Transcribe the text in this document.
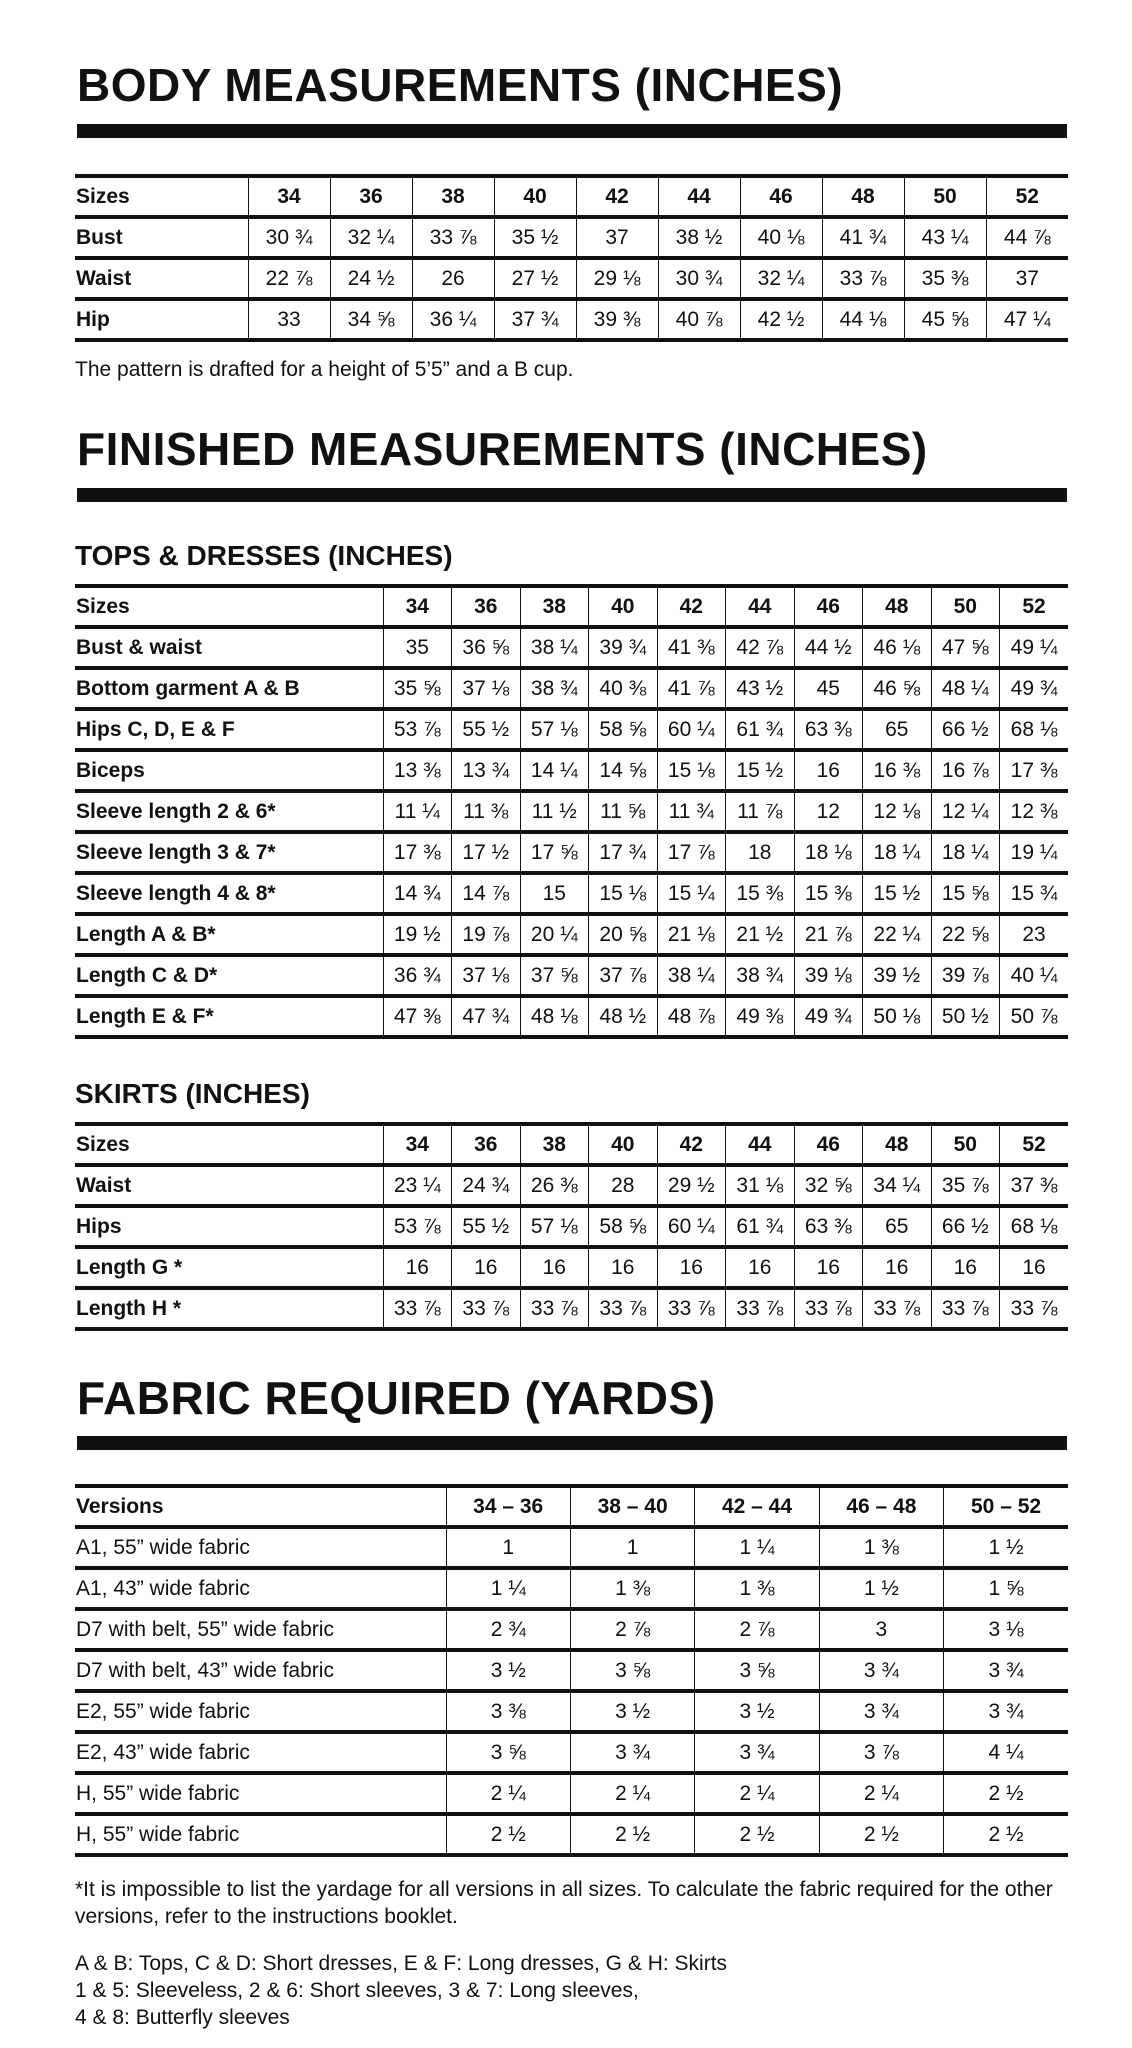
BODY MEASUREMENTS (INCHES)
Sizes	34	36	38	40	42	44	46	48	50	52
Bust	30 ¾	32 ¼	33 ⅞	35 ½	37	38 ½	40 ⅛	41 ¾	43 ¼	44 ⅞
Waist	22 ⅞	24 ½	26	27 ½	29 ⅛	30 ¾	32 ¼	33 ⅞	35 ⅜	37
Hip	33	34 ⅝	36 ¼	37 ¾	39 ⅜	40 ⅞	42 ½	44 ⅛	45 ⅝	47 ¼

The pattern is drafted for a height of 5’5” and a B cup.

FINISHED MEASUREMENTS (INCHES)
TOPS & DRESSES (INCHES)
Sizes	34	36	38	40	42	44	46	48	50	52
Bust & waist	35	36 ⅝	38 ¼	39 ¾	41 ⅜	42 ⅞	44 ½	46 ⅛	47 ⅝	49 ¼
Bottom garment A & B	35 ⅝	37 ⅛	38 ¾	40 ⅜	41 ⅞	43 ½	45	46 ⅝	48 ¼	49 ¾
Hips C, D, E & F	53 ⅞	55 ½	57 ⅛	58 ⅝	60 ¼	61 ¾	63 ⅜	65	66 ½	68 ⅛
Biceps	13 ⅜	13 ¾	14 ¼	14 ⅝	15 ⅛	15 ½	16	16 ⅜	16 ⅞	17 ⅜
Sleeve length 2 & 6*	11 ¼	11 ⅜	11 ½	11 ⅝	11 ¾	11 ⅞	12	12 ⅛	12 ¼	12 ⅜
Sleeve length 3 & 7*	17 ⅜	17 ½	17 ⅝	17 ¾	17 ⅞	18	18 ⅛	18 ¼	18 ¼	19 ¼
Sleeve length 4 & 8*	14 ¾	14 ⅞	15	15 ⅛	15 ¼	15 ⅜	15 ⅜	15 ½	15 ⅝	15 ¾
Length A & B*	19 ½	19 ⅞	20 ¼	20 ⅝	21 ⅛	21 ½	21 ⅞	22 ¼	22 ⅝	23
Length C & D*	36 ¾	37 ⅛	37 ⅝	37 ⅞	38 ¼	38 ¾	39 ⅛	39 ½	39 ⅞	40 ¼
Length E & F*	47 ⅜	47 ¾	48 ⅛	48 ½	48 ⅞	49 ⅜	49 ¾	50 ⅛	50 ½	50 ⅞
SKIRTS (INCHES)
Sizes	34	36	38	40	42	44	46	48	50	52
Waist	23 ¼	24 ¾	26 ⅜	28	29 ½	31 ⅛	32 ⅝	34 ¼	35 ⅞	37 ⅜
Hips	53 ⅞	55 ½	57 ⅛	58 ⅝	60 ¼	61 ¾	63 ⅜	65	66 ½	68 ⅛
Length G *	16	16	16	16	16	16	16	16	16	16
Length H *	33 ⅞	33 ⅞	33 ⅞	33 ⅞	33 ⅞	33 ⅞	33 ⅞	33 ⅞	33 ⅞	33 ⅞
FABRIC REQUIRED (YARDS)
Versions	34 – 36	38 – 40	42 – 44	46 – 48	50 – 52
A1, 55” wide fabric	1	1	1 ¼	1 ⅜	1 ½
A1, 43” wide fabric	1 ¼	1 ⅜	1 ⅜	1 ½	1 ⅝
D7 with belt, 55” wide fabric	2 ¾	2 ⅞	2 ⅞	3	3 ⅛
D7 with belt, 43” wide fabric	3 ½	3 ⅝	3 ⅝	3 ¾	3 ¾
E2, 55” wide fabric	3 ⅜	3 ½	3 ½	3 ¾	3 ¾
E2, 43” wide fabric	3 ⅝	3 ¾	3 ¾	3 ⅞	4 ¼
H, 55” wide fabric	2 ¼	2 ¼	2 ¼	2 ¼	2 ½
H, 55” wide fabric	2 ½	2 ½	2 ½	2 ½	2 ½

*It is impossible to list the yardage for all versions in all sizes. To calculate the fabric required for the other versions, refer to the instructions booklet.

A & B: Tops, C & D: Short dresses, E & F: Long dresses, G & H: Skirts

1 & 5: Sleeveless, 2 & 6: Short sleeves, 3 & 7: Long sleeves,

4 & 8: Butterfly sleeves
